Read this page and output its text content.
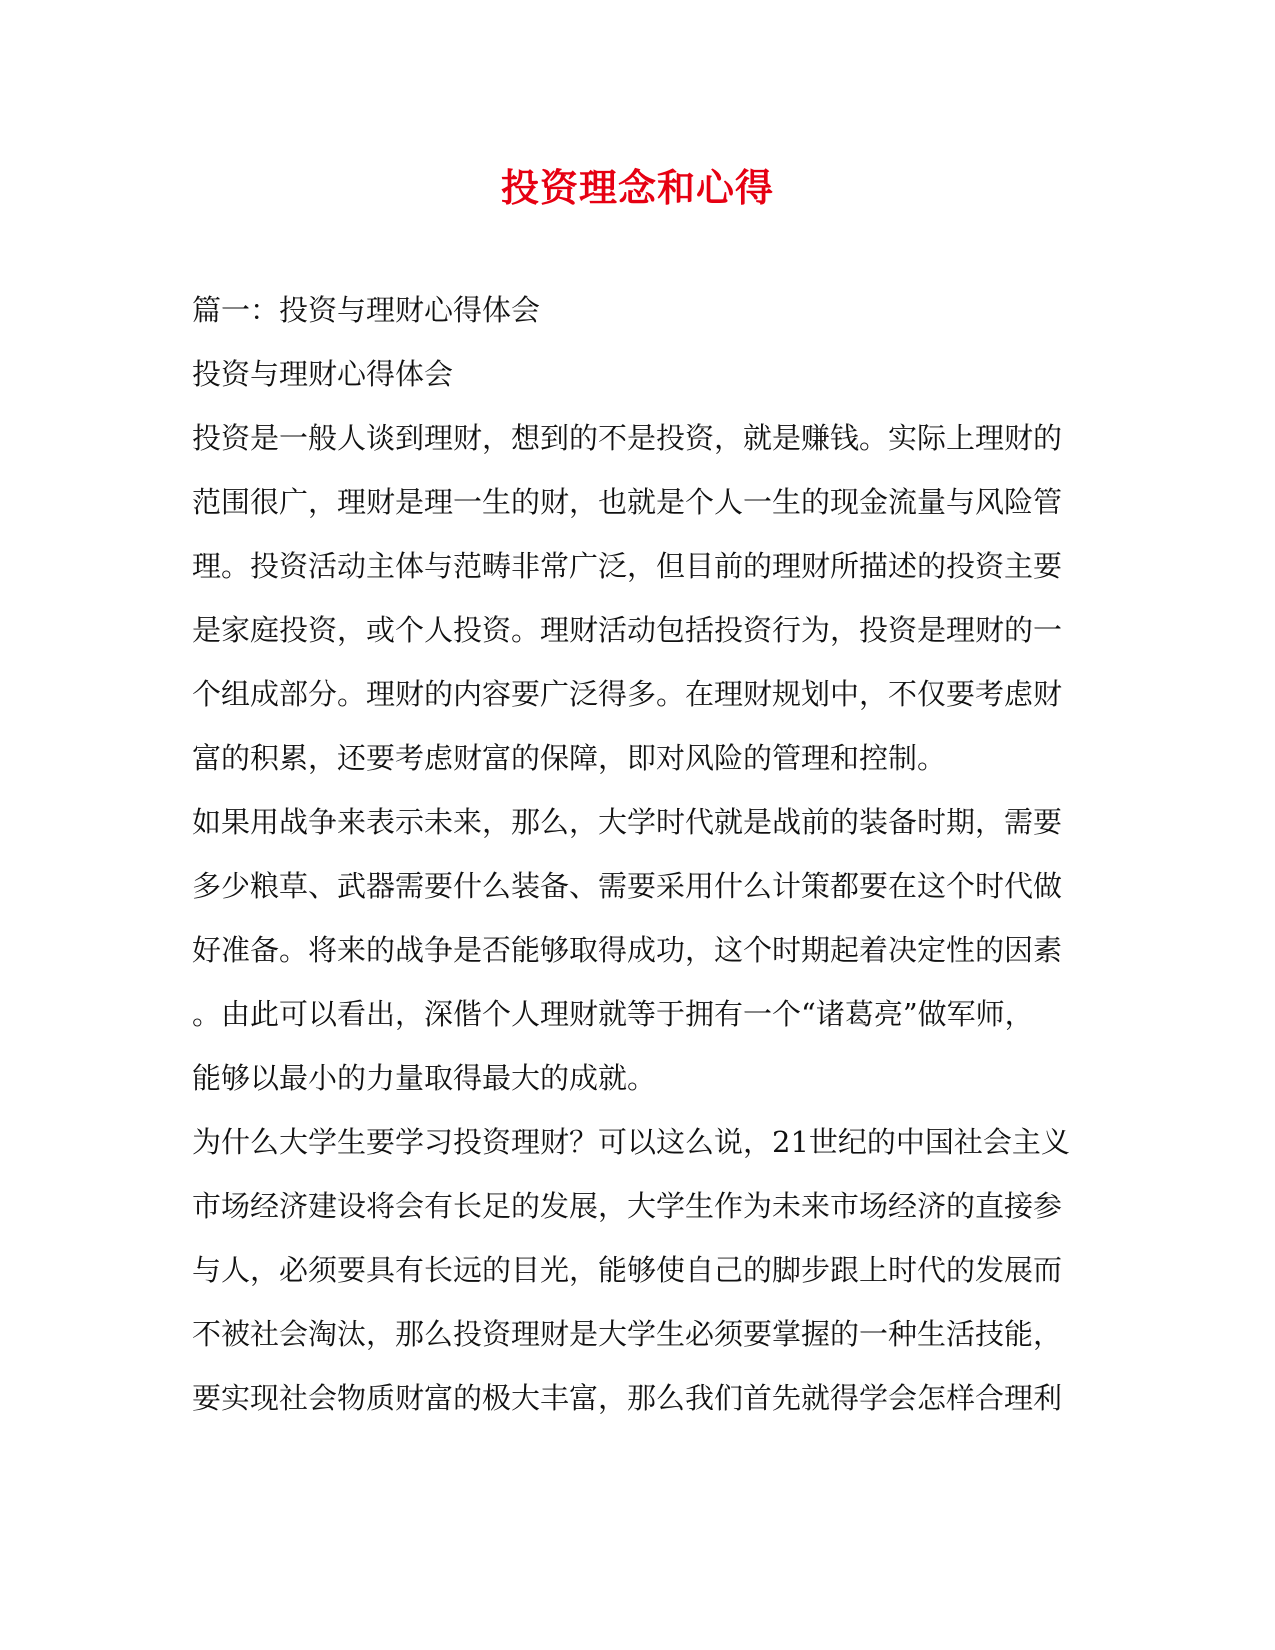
投资理念和心得
篇一：投资与理财心得体会
投资与理财心得体会
投资是一般人谈到理财，想到的不是投资，就是赚钱。实际上理财的
范围很广，理财是理一生的财，也就是个人一生的现金流量与风险管
理。投资活动主体与范畴非常广泛，但目前的理财所描述的投资主要
是家庭投资，或个人投资。理财活动包括投资行为，投资是理财的一
个组成部分。理财的内容要广泛得多。在理财规划中，不仅要考虑财
富的积累，还要考虑财富的保障，即对风险的管理和控制。
如果用战争来表示未来，那么，大学时代就是战前的装备时期，需要
多少粮草、武器需要什么装备、需要采用什么计策都要在这个时代做
好准备。将来的战争是否能够取得成功，这个时期起着决定性的因素
。由此可以看出，深偕个人理财就等于拥有一个“诸葛亮”做军师，
能够以最小的力量取得最大的成就。
为什么大学生要学习投资理财？可以这么说，21世纪的中国社会主义
市场经济建设将会有长足的发展，大学生作为未来市场经济的直接参
与人，必须要具有长远的目光，能够使自己的脚步跟上时代的发展而
不被社会淘汰，那么投资理财是大学生必须要掌握的一种生活技能，
要实现社会物质财富的极大丰富，那么我们首先就得学会怎样合理利
